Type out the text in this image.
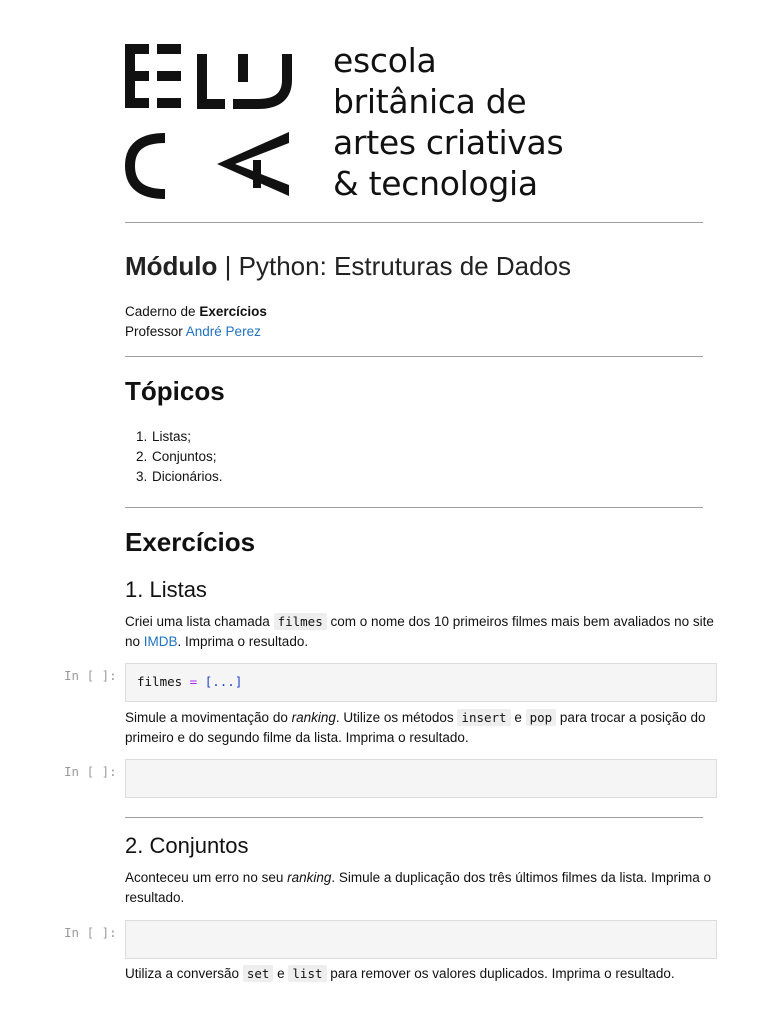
escola
britânica de
artes criativas
& tecnologia
Módulo | Python: Estruturas de Dados
Caderno de Exercícios
Professor André Perez
Tópicos
1. Listas;
2. Conjuntos;
3. Dicionários.
Exercícios
1. Listas
Criei uma lista chamada filmes com o nome dos 10 primeiros filmes mais bem avaliados no site no IMDB. Imprima o resultado.
In [ ]:	filmes = [...]
Simule a movimentação do ranking. Utilize os métodos insert e pop para trocar a posição do primeiro e do segundo filme da lista. Imprima o resultado.
In [ ]:
2. Conjuntos
Aconteceu um erro no seu ranking. Simule a duplicação dos três últimos filmes da lista. Imprima o resultado.
In [ ]:
Utiliza a conversão set e list para remover os valores duplicados. Imprima o resultado.
